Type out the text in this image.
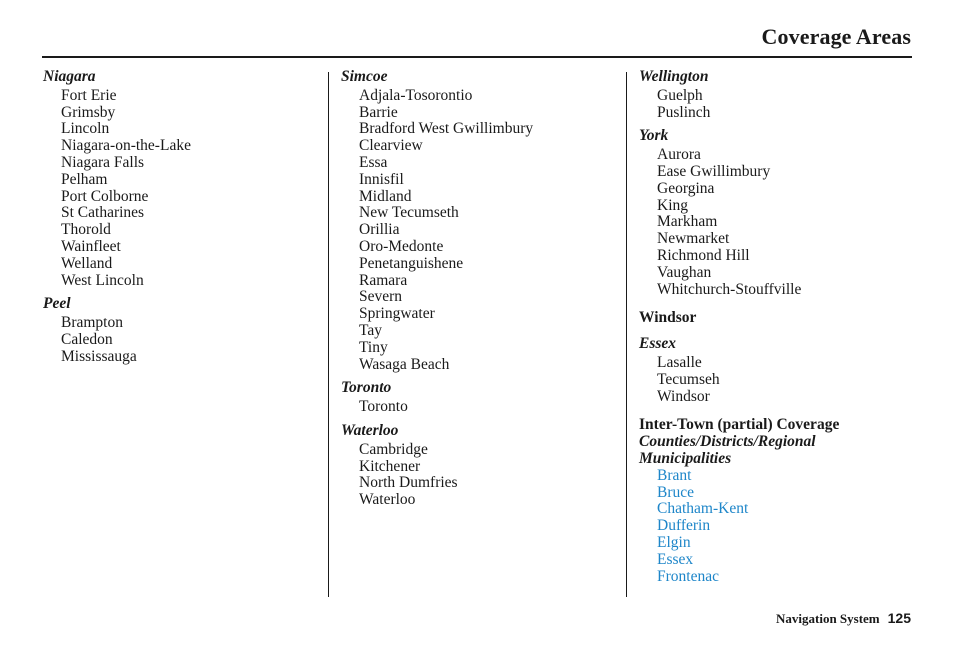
Coverage Areas
Niagara
Fort Erie
Grimsby
Lincoln
Niagara-on-the-Lake
Niagara Falls
Pelham
Port Colborne
St Catharines
Thorold
Wainfleet
Welland
West Lincoln
Peel
Brampton
Caledon
Mississauga
Simcoe
Adjala-Tosorontio
Barrie
Bradford West Gwillimbury
Clearview
Essa
Innisfil
Midland
New Tecumseth
Orillia
Oro-Medonte
Penetanguishene
Ramara
Severn
Springwater
Tay
Tiny
Wasaga Beach
Toronto
Toronto
Waterloo
Cambridge
Kitchener
North Dumfries
Waterloo
Wellington
Guelph
Puslinch
York
Aurora
Ease Gwillimbury
Georgina
King
Markham
Newmarket
Richmond Hill
Vaughan
Whitchurch-Stouffville
Windsor
Essex
Lasalle
Tecumseh
Windsor
Inter-Town (partial) Coverage
Counties/Districts/Regional
Municipalities
Brant
Bruce
Chatham-Kent
Dufferin
Elgin
Essex
Frontenac
Navigation System 125
